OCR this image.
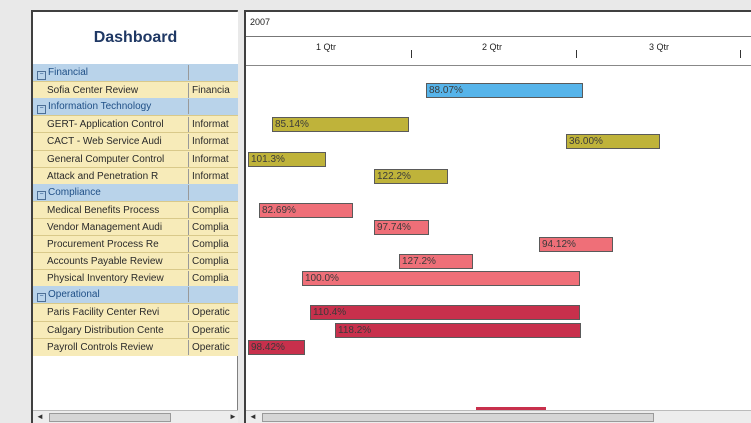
Dashboard
− Financial
Sofia Center Review	Financia
− Information Technology
GERT- Application Control	Informat
CACT - Web Service Audi	Informat
General Computer Control	Informat
Attack and Penetration R	Informat
− Compliance
Medical Benefits Process	Complia
Vendor Management Audi	Complia
Procurement Process Re	Complia
Accounts Payable Review	Complia
Physical Inventory Review	Complia
− Operational
Paris Facility Center Revi	Operatic
Calgary Distribution Cente	Operatic
Payroll Controls Review	Operatic
◄	►
2007
1 Qtr	2 Qtr	3 Qtr
88.07%
85.14%
36.00%
101.3%
122.2%
82.69%
97.74%
94.12%
127.2%
100.0%
110.4%
118.2%
98.42%
◄
